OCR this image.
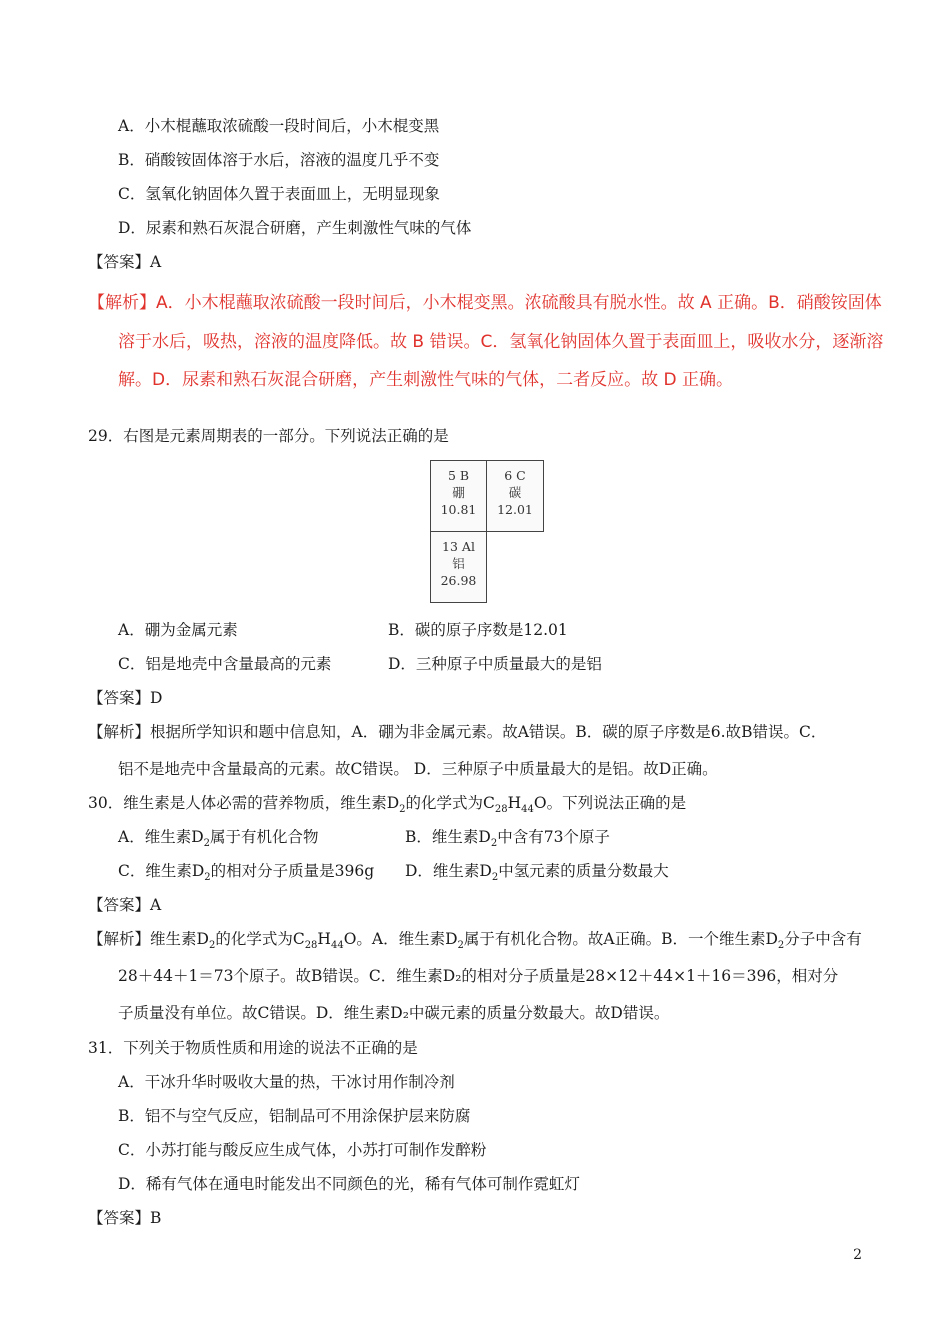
A．小木棍蘸取浓硫酸一段时间后，小木棍变黑
B．硝酸铵固体溶于水后，溶液的温度几乎不变
C．氢氧化钠固体久置于表面皿上，无明显现象
D．尿素和熟石灰混合研磨，产生刺激性气味的气体
【答案】A
【解析】A．小木棍蘸取浓硫酸一段时间后，小木棍变黑。浓硫酸具有脱水性。故 A 正确。B．硝酸铵固体
溶于水后，吸热，溶液的温度降低。故 B 错误。C．氢氧化钠固体久置于表面皿上，吸收水分，逐渐溶
解。D．尿素和熟石灰混合研磨，产生刺激性气味的气体，二者反应。故 D 正确。
29．右图是元素周期表的一部分。下列说法正确的是
5 B
硼
10.81
6 C
碳
12.01
13 Al
铝
26.98
A．硼为金属元素	B．碳的原子序数是12.01
C．铝是地壳中含量最高的元素	D．三种原子中质量最大的是铝
【答案】D
【解析】根据所学知识和题中信息知，A．硼为非金属元素。故A错误。B．碳的原子序数是6.故B错误。C．
铝不是地壳中含量最高的元素。故C错误。 D．三种原子中质量最大的是铝。故D正确。
30．维生素是人体必需的营养物质，维生素$D_2$的化学式为$C_{28}H_{44}O$。下列说法正确的是
A．维生素$D_2$属于有机化合物	B．维生素$D_2$中含有73个原子
C．维生素$D_2$的相对分子质量是396g D．维生素$D_2$中氢元素的质量分数最大
【答案】A
【解析】维生素$D_2$的化学式为$C_{28}H_{44}O$。A．维生素$D_2$属于有机化合物。故A正确。B．一个维生素$D_2$分子中含有
28＋44＋1＝73个原子。故B错误。C．维生素D₂的相对分子质量是28×12＋44×1＋16＝396，相对分
子质量没有单位。故C错误。D．维生素D₂中碳元素的质量分数最大。故D错误。
31．下列关于物质性质和用途的说法不正确的是
A．干冰升华时吸收大量的热，干冰讨用作制冷剂
B．铝不与空气反应，铝制品可不用涂保护层来防腐
C．小苏打能与酸反应生成气体，小苏打可制作发醉粉
D．稀有气体在通电时能发出不同颜色的光，稀有气体可制作霓虹灯
【答案】B
2
